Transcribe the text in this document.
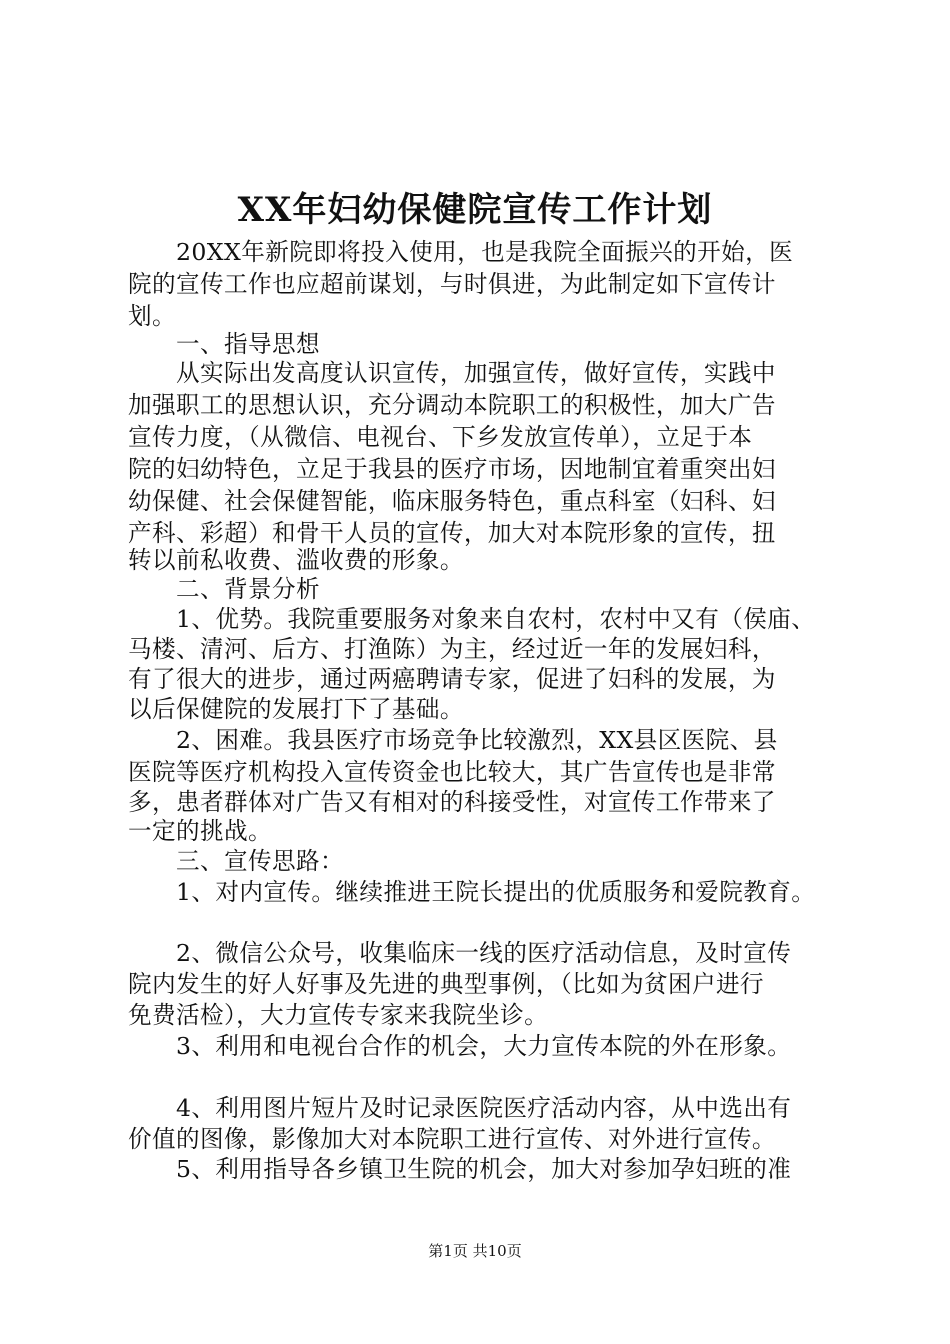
XX年妇幼保健院宣传工作计划
　　20XX年新院即将投入使用，也是我院全面振兴的开始，医
院的宣传工作也应超前谋划，与时俱进，为此制定如下宣传计
划。
　　一、指导思想
　　从实际出发高度认识宣传，加强宣传，做好宣传，实践中
加强职工的思想认识，充分调动本院职工的积极性，加大广告
宣传力度，（从微信、电视台、下乡发放宣传单），立足于本
院的妇幼特色，立足于我县的医疗市场，因地制宜着重突出妇
幼保健、社会保健智能，临床服务特色，重点科室（妇科、妇
产科、彩超）和骨干人员的宣传，加大对本院形象的宣传，扭
转以前私收费、滥收费的形象。
　　二、背景分析
　　1、优势。我院重要服务对象来自农村，农村中又有（侯庙、
马楼、清河、后方、打渔陈）为主，经过近一年的发展妇科，
有了很大的进步，通过两癌聘请专家，促进了妇科的发展，为
以后保健院的发展打下了基础。
　　2、困难。我县医疗市场竞争比较激烈，XX县区医院、县
医院等医疗机构投入宣传资金也比较大，其广告宣传也是非常
多，患者群体对广告又有相对的科接受性，对宣传工作带来了
一定的挑战。
　　三、宣传思路：
　　1、对内宣传。继续推进王院长提出的优质服务和爱院教育。
　　2、微信公众号，收集临床一线的医疗活动信息，及时宣传
院内发生的好人好事及先进的典型事例，（比如为贫困户进行
免费活检），大力宣传专家来我院坐诊。
　　3、利用和电视台合作的机会，大力宣传本院的外在形象。
　　4、利用图片短片及时记录医院医疗活动内容，从中选出有
价值的图像，影像加大对本院职工进行宣传、对外进行宣传。
　　5、利用指导各乡镇卫生院的机会，加大对参加孕妇班的准
第1页 共10页
